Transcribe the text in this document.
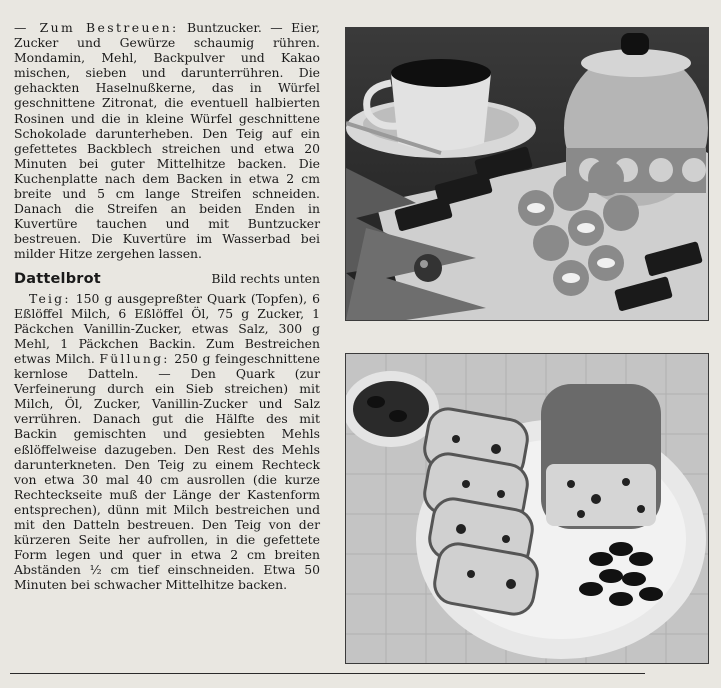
— Zum Bestreuen: Buntzucker. — Eier, Zucker und Gewürze schaumig rühren. Mondamin, Mehl, Backpulver und Kakao mischen, sieben und darunterrühren. Die gehackten Haselnußkerne, das in Würfel geschnittene Zitronat, die eventuell halbierten Rosinen und die in kleine Würfel geschnittene Schokolade darunterheben. Den Teig auf ein gefettetes Backblech streichen und etwa 20 Minuten bei guter Mittelhitze backen. Die Kuchenplatte nach dem Backen in etwa 2 cm breite und 5 cm lange Streifen schneiden. Danach die Streifen an beiden Enden in Kuvertüre tauchen und mit Buntzucker bestreuen. Die Kuvertüre im Wasserbad bei milder Hitze zergehen lassen.

Dattelbrot	Bild rechts unten

Teig: 150 g ausgepreßter Quark (Topfen), 6 Eßlöffel Milch, 6 Eßlöffel Öl, 75 g Zucker, 1 Päckchen Vanillin-Zucker, etwas Salz, 300 g Mehl, 1 Päckchen Backin. Zum Bestreichen etwas Milch. Füllung: 250 g feingeschnittene kernlose Datteln. — Den Quark (zur Verfeinerung durch ein Sieb streichen) mit Milch, Öl, Zucker, Vanillin-Zucker und Salz verrühren. Danach gut die Hälfte des mit Backin gemischten und gesiebten Mehls eßlöffelweise dazugeben. Den Rest des Mehls darunterkneten. Den Teig zu einem Rechteck von etwa 30 mal 40 cm ausrollen (die kurze Rechteckseite muß der Länge der Kastenform entsprechen), dünn mit Milch bestreichen und mit den Datteln bestreuen. Den Teig von der kürzeren Seite her aufrollen, in die gefettete Form legen und quer in etwa 2 cm breiten Abständen ½ cm tief einschneiden. Etwa 50 Minuten bei schwacher Mittelhitze backen.
